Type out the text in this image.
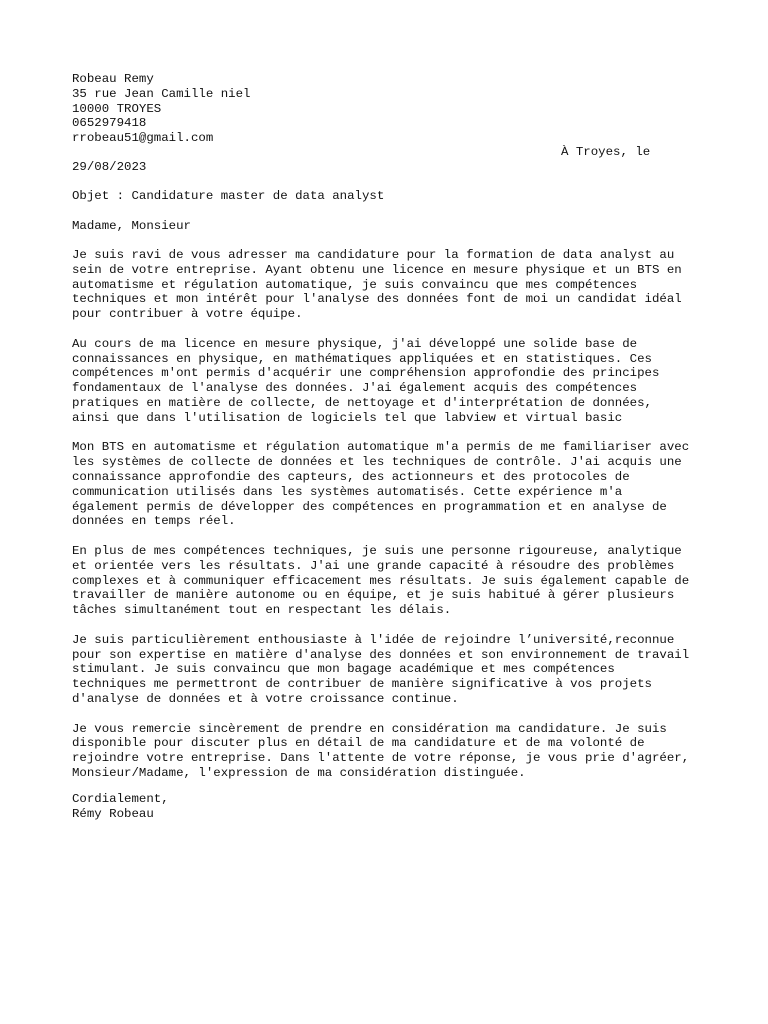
Robeau Remy
35 rue Jean Camille niel
10000 TROYES
0652979418
rrobeau51@gmail.com
À Troyes, le
29/08/2023
Objet : Candidature master de data analyst
Madame, Monsieur
Je suis ravi de vous adresser ma candidature pour la formation de data analyst au
sein de votre entreprise. Ayant obtenu une licence en mesure physique et un BTS en
automatisme et régulation automatique, je suis convaincu que mes compétences
techniques et mon intérêt pour l'analyse des données font de moi un candidat idéal
pour contribuer à votre équipe.
Au cours de ma licence en mesure physique, j'ai développé une solide base de
connaissances en physique, en mathématiques appliquées et en statistiques. Ces
compétences m'ont permis d'acquérir une compréhension approfondie des principes
fondamentaux de l'analyse des données. J'ai également acquis des compétences
pratiques en matière de collecte, de nettoyage et d'interprétation de données,
ainsi que dans l'utilisation de logiciels tel que labview et virtual basic
Mon BTS en automatisme et régulation automatique m'a permis de me familiariser avec
les systèmes de collecte de données et les techniques de contrôle. J'ai acquis une
connaissance approfondie des capteurs, des actionneurs et des protocoles de
communication utilisés dans les systèmes automatisés. Cette expérience m'a
également permis de développer des compétences en programmation et en analyse de
données en temps réel.
En plus de mes compétences techniques, je suis une personne rigoureuse, analytique
et orientée vers les résultats. J'ai une grande capacité à résoudre des problèmes
complexes et à communiquer efficacement mes résultats. Je suis également capable de
travailler de manière autonome ou en équipe, et je suis habitué à gérer plusieurs
tâches simultanément tout en respectant les délais.
Je suis particulièrement enthousiaste à l'idée de rejoindre l’université,reconnue
pour son expertise en matière d'analyse des données et son environnement de travail
stimulant. Je suis convaincu que mon bagage académique et mes compétences
techniques me permettront de contribuer de manière significative à vos projets
d'analyse de données et à votre croissance continue.
Je vous remercie sincèrement de prendre en considération ma candidature. Je suis
disponible pour discuter plus en détail de ma candidature et de ma volonté de
rejoindre votre entreprise. Dans l'attente de votre réponse, je vous prie d'agréer,
Monsieur/Madame, l'expression de ma considération distinguée.
Cordialement,
Rémy Robeau
